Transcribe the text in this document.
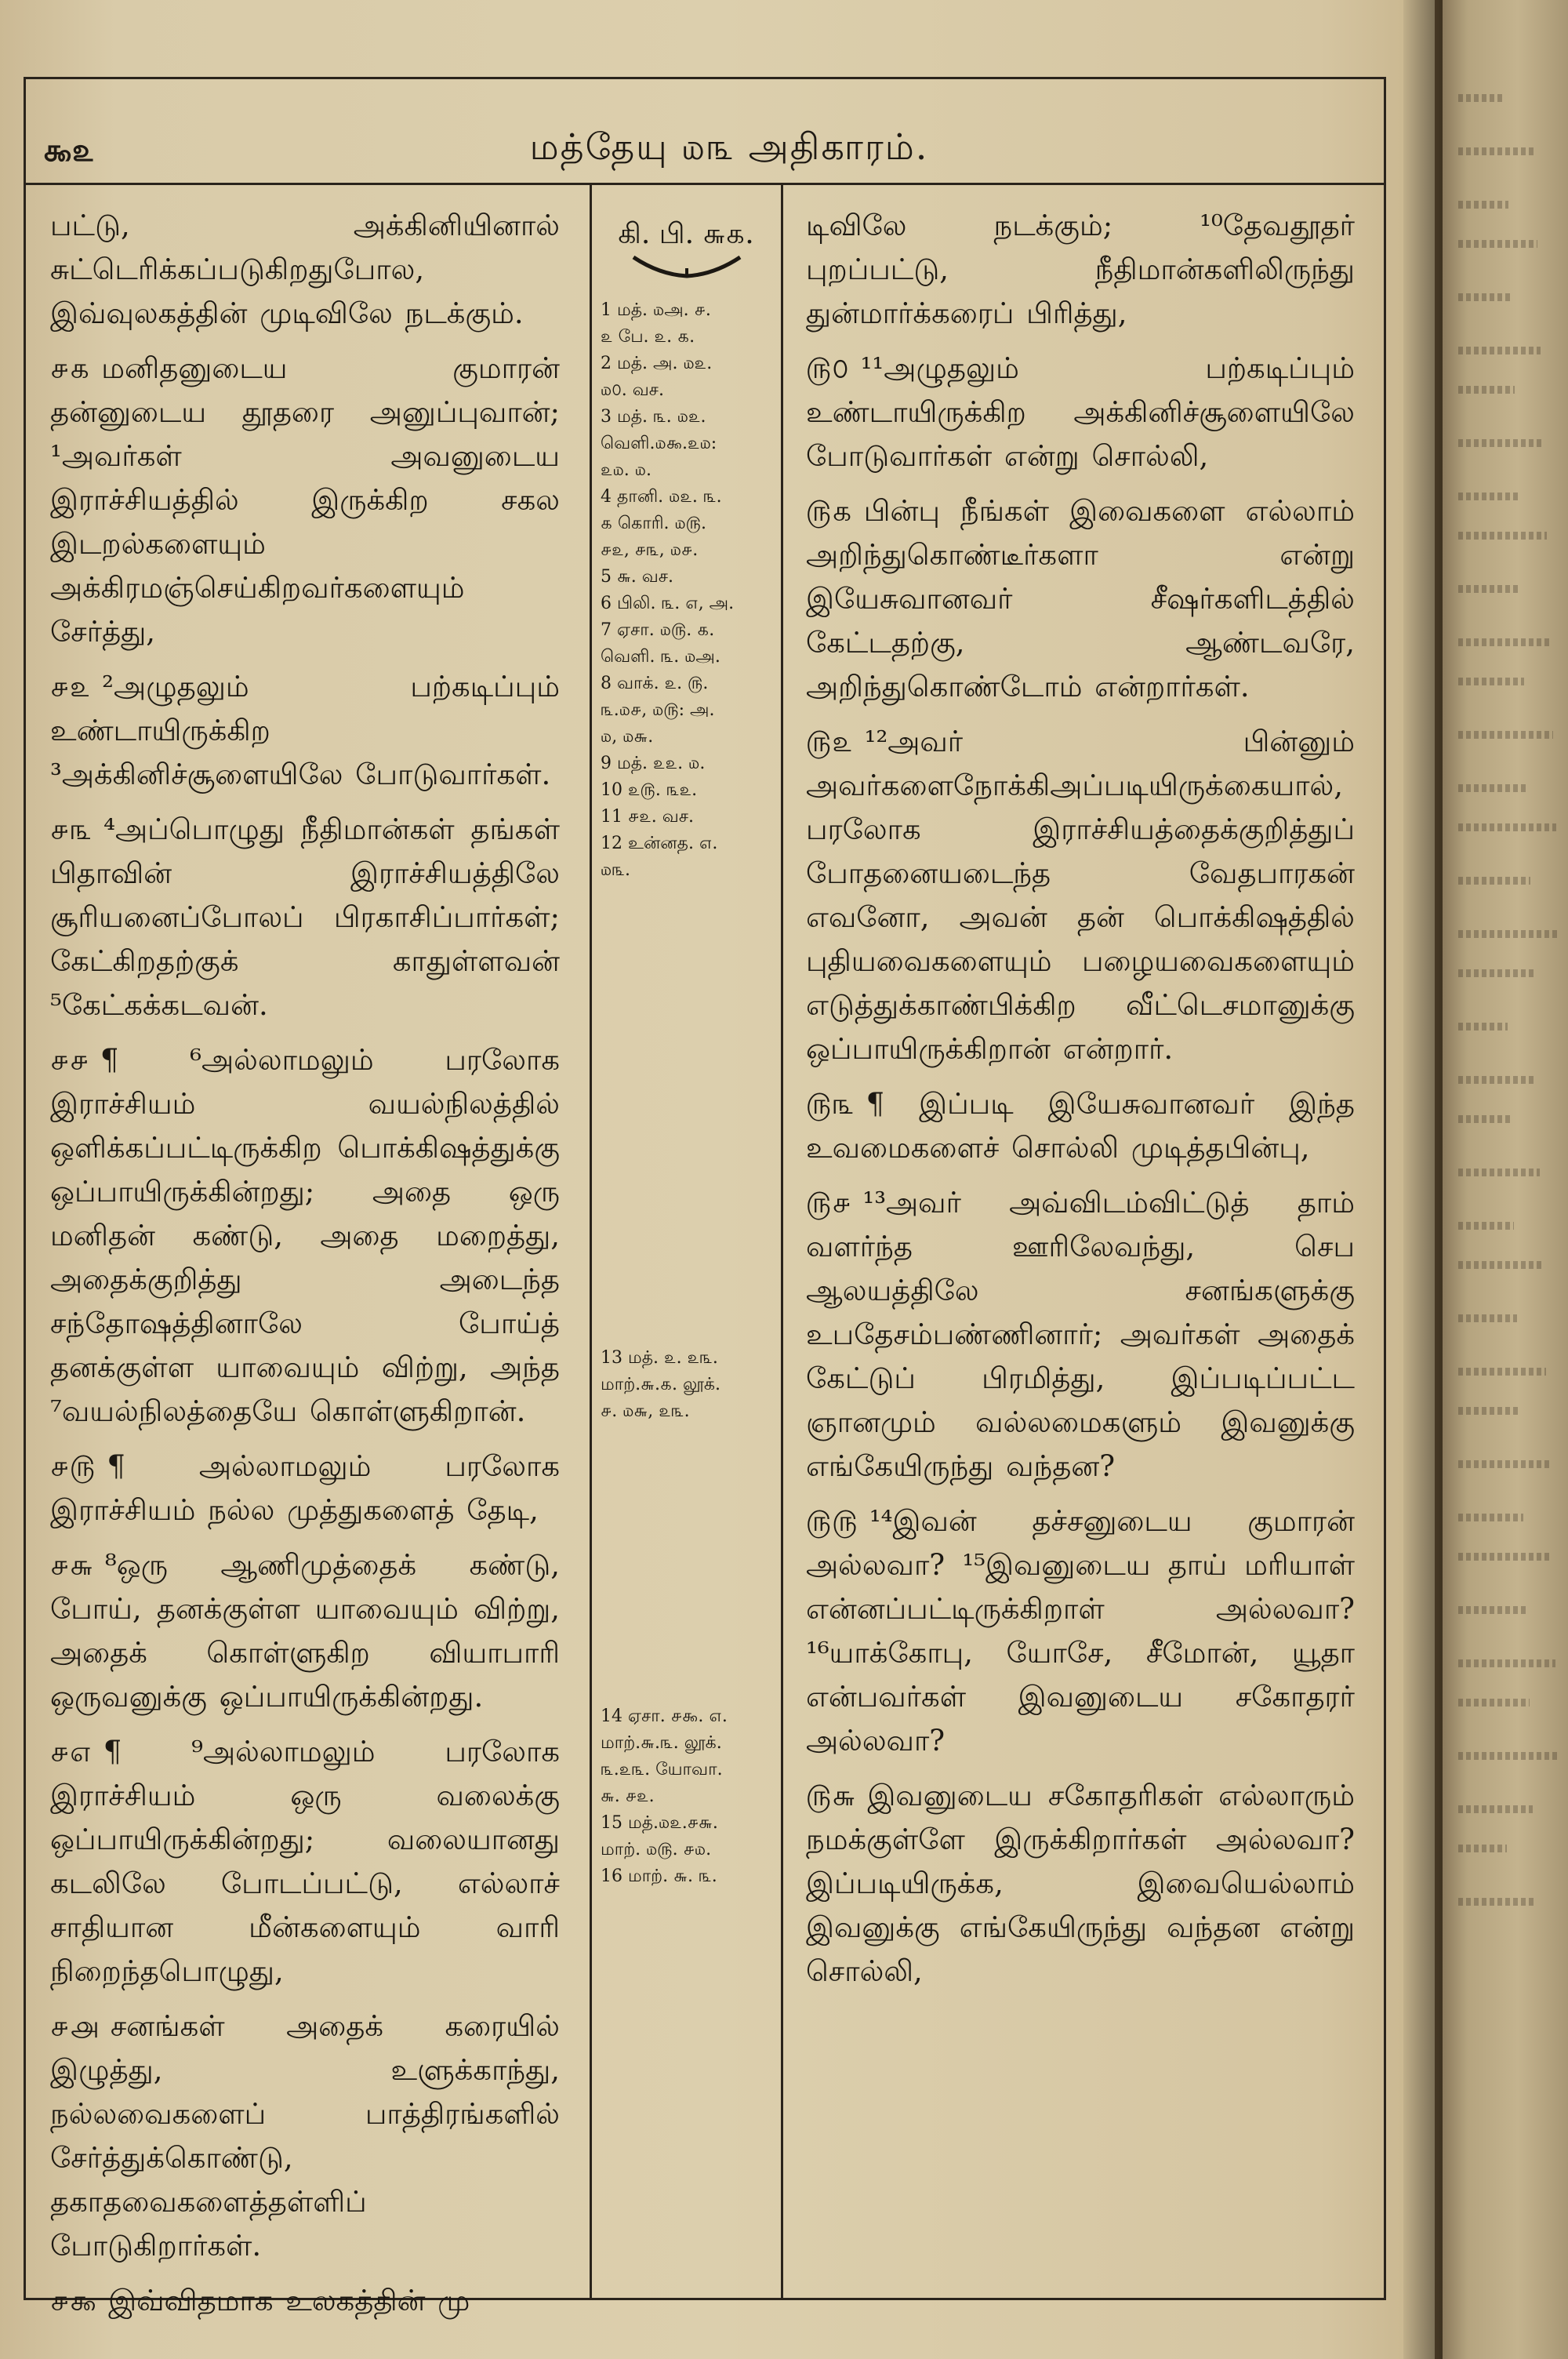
௯௨	மத்தேயு ௰௩ அதிகாரம்.

பட்டு, அக்கினியினால் சுட்டெரிக்கப்படுகிறதுபோல, இவ்வுலகத்தின் முடிவிலே நடக்கும்.

௪௧ மனிதனுடைய குமாரன் தன்னுடைய தூதரை அனுப்புவான்; ¹அவர்கள் அவனுடைய இராச்சியத்தில் இருக்கிற சகல இடறல்களையும் அக்கிரமஞ்செய்கிறவர்களையும் சேர்த்து,

௪௨ ²அழுதலும் பற்கடிப்பும் உண்டாயிருக்கிற ³அக்கினிச்சூளையிலே போடுவார்கள்.

௪௩ ⁴அப்பொழுது நீதிமான்கள் தங்கள் பிதாவின் இராச்சியத்திலே சூரியனைப்போலப் பிரகாசிப்பார்கள்; கேட்கிறதற்குக் காதுள்ளவன் ⁵கேட்கக்கடவன்.

௪௪ ¶ ⁶அல்லாமலும் பரலோக இராச்சியம் வயல்நிலத்தில் ஒளிக்கப்பட்டிருக்கிற பொக்கிஷத்துக்கு ஒப்பாயிருக்கின்றது; அதை ஒரு மனிதன் கண்டு, அதை மறைத்து, அதைக்குறித்து அடைந்த சந்தோஷத்தினாலே போய்த் தனக்குள்ள யாவையும் விற்று, அந்த ⁷வயல்நிலத்தையே கொள்ளுகிறான்.

௪௫ ¶ அல்லாமலும் பரலோக இராச்சியம் நல்ல முத்துகளைத் தேடி,

௪௬ ⁸ஒரு ஆணிமுத்தைக் கண்டு, போய், தனக்குள்ள யாவையும் விற்று, அதைக் கொள்ளுகிற வியாபாரி ஒருவனுக்கு ஒப்பாயிருக்கின்றது.

௪௭ ¶ ⁹அல்லாமலும் பரலோக இராச்சியம் ஒரு வலைக்கு ஒப்பாயிருக்கின்றது; வலையானது கடலிலே போடப்பட்டு, எல்லாச் சாதியான மீன்களையும் வாரி நிறைந்தபொழுது,

௪௮ சனங்கள் அதைக் கரையில் இழுத்து, உளுக்காந்து, நல்லவைகளைப் பாத்திரங்களில் சேர்த்துக்கொண்டு, தகாதவைகளைத்தள்ளிப் போடுகிறார்கள்.

௪௯ இவ்விதமாக உலகத்தின் மு

கி. பி. ௬௧.
1 மத். ௰அ. ௪.
௨ பே. ௨. ௧.
2 மத். அ. ௰௨.
௰௦. வச.
3 மத். ௩. ௰௨.
வெளி.௰௯.௨௰:
௨௰. ௰.
4 தானி. ௰௨. ௩.
௧ கொரி. ௰௫.
௪௨, ௪௩, ௰௪.
5 ௬. வச.
6 பிலி. ௩. ௭, அ.
7 ஏசா. ௰௫. ௧.
வெளி. ௩. ௰அ.
8 வாக். ௨. ௫.
௩.௰௪, ௰௫: அ.
௰, ௰௬.
9 மத். ௨௨. ௰.
10 ௨௫. ௩௨.
11 ௪௨. வச.
12 உன்னத. ௭.
௰௩.
13 மத். ௨. ௨௩.
மாற்.௬.௧. லூக்.
௪. ௰௬, ௨௩.
14 ஏசா. ௪௯. ௭.
மாற்.௬.௩. லூக்.
௩.௨௩. யோவா.
௬. ௪௨.
15 மத்.௰௨.௪௬.
மாற். ௰௫. ௪௰.
16 மாற். ௬. ௩.

டிவிலே நடக்கும்; ¹⁰தேவதூதர் புறப்பட்டு, நீதிமான்களிலிருந்து துன்மார்க்கரைப் பிரித்து,

௫௦ ¹¹அழுதலும் பற்கடிப்பும் உண்டாயிருக்கிற அக்கினிச்சூளையிலே போடுவார்கள் என்று சொல்லி,

௫௧ பின்பு நீங்கள் இவைகளை எல்லாம் அறிந்துகொண்டீர்களா என்று இயேசுவானவர் சீஷர்களிடத்தில் கேட்டதற்கு, ஆண்டவரே, அறிந்துகொண்டோம் என்றார்கள்.

௫௨ ¹²அவர் பின்னும் அவர்களைநோக்கிஅப்படியிருக்கையால், பரலோக இராச்சியத்தைக்குறித்துப் போதனையடைந்த வேதபாரகன் எவனோ, அவன் தன் பொக்கிஷத்தில் புதியவைகளையும் பழையவைகளையும் எடுத்துக்காண்பிக்கிற வீட்டெசமானுக்கு ஒப்பாயிருக்கிறான் என்றார்.

௫௩ ¶ இப்படி இயேசுவானவர் இந்த உவமைகளைச் சொல்லி முடித்தபின்பு,

௫௪ ¹³அவர் அவ்விடம்விட்டுத் தாம் வளர்ந்த ஊரிலேவந்து, செப ஆலயத்திலே சனங்களுக்கு உபதேசம்பண்ணினார்; அவர்கள் அதைக் கேட்டுப் பிரமித்து, இப்படிப்பட்ட ஞானமும் வல்லமைகளும் இவனுக்கு எங்கேயிருந்து வந்தன?

௫௫ ¹⁴இவன் தச்சனுடைய குமாரன் அல்லவா? ¹⁵இவனுடைய தாய் மரியாள் என்னப்பட்டிருக்கிறாள் அல்லவா? ¹⁶யாக்கோபு, யோசே, சீமோன், யூதா என்பவர்கள் இவனுடைய சகோதரர் அல்லவா?

௫௬ இவனுடைய சகோதரிகள் எல்லாரும் நமக்குள்ளே இருக்கிறார்கள் அல்லவா? இப்படியிருக்க, இவையெல்லாம் இவனுக்கு எங்கேயிருந்து வந்தன என்று சொல்லி,
